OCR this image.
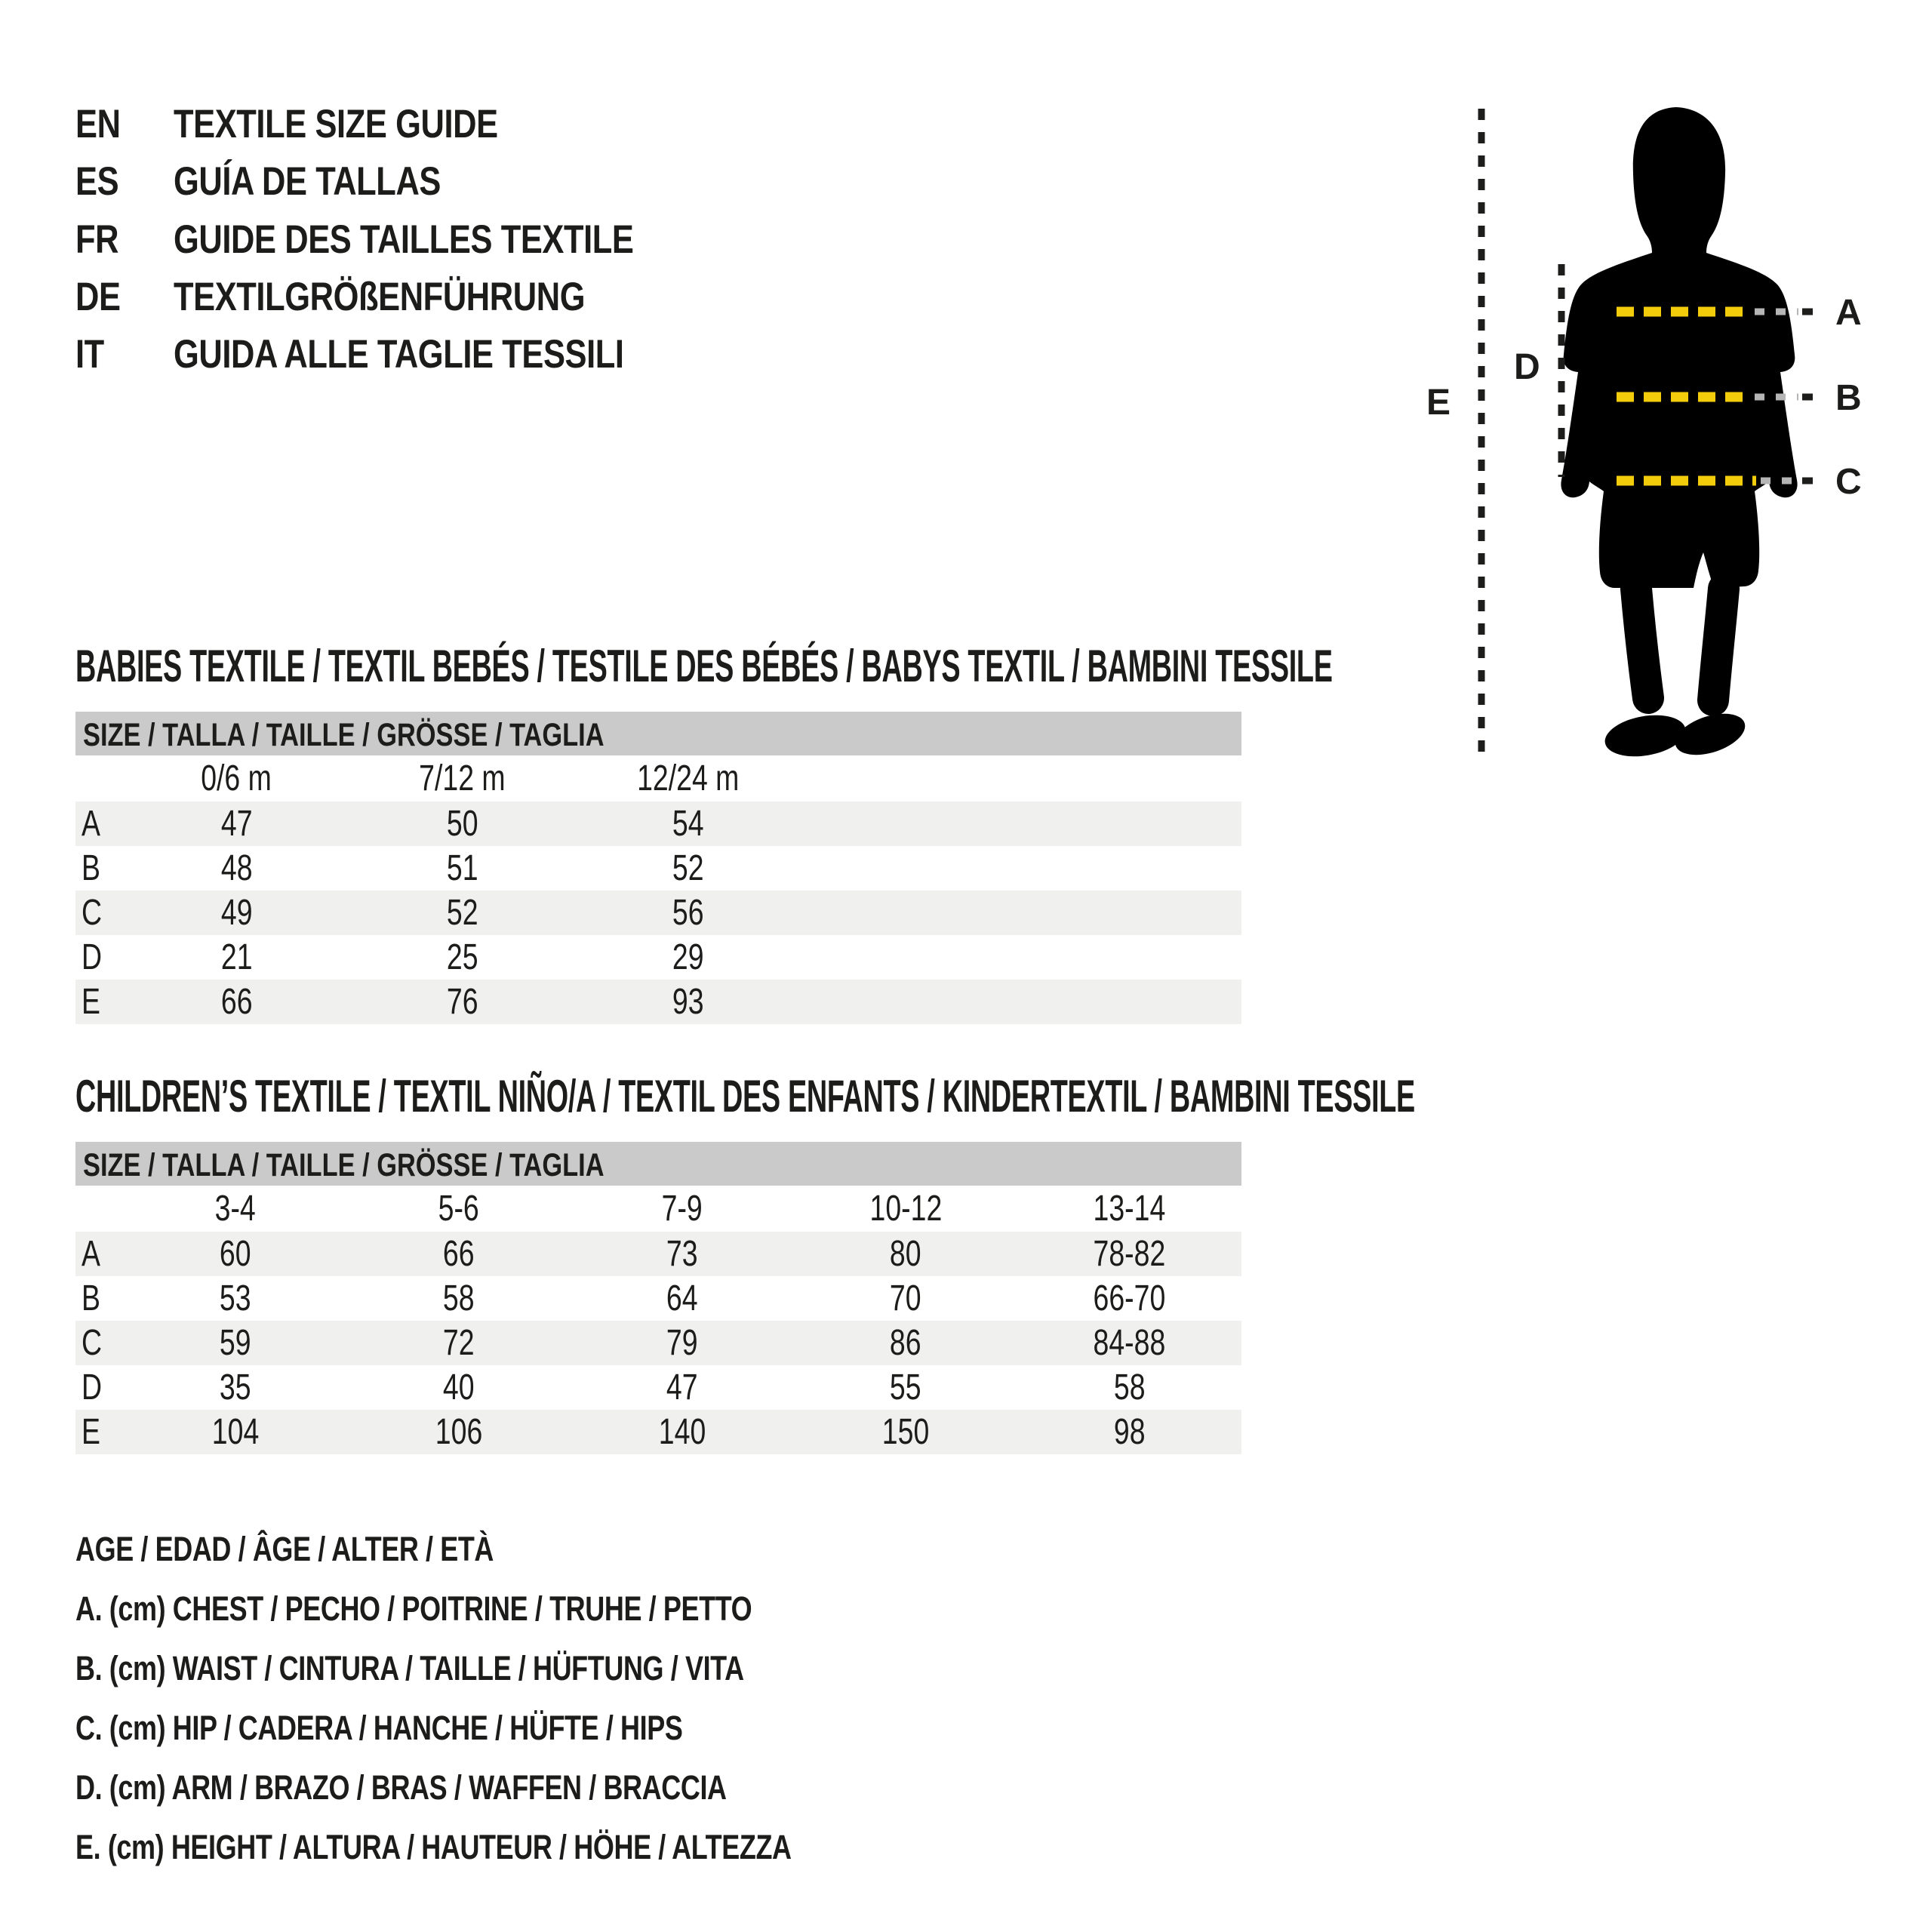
EN	TEXTILE SIZE GUIDE
ES	GUÍA DE TALLAS
FR	GUIDE DES TAILLES TEXTILE
DE	TEXTILGRÖßENFÜHRUNG
IT	GUIDA ALLE TAGLIE TESSILI
A
B
C
D
E
BABIES TEXTILE / TEXTIL BEBÉS / TESTILE DES BÉBÉS / BABYS TEXTIL / BAMBINI TESSILE
SIZE / TALLA / TAILLE / GRÖSSE / TAGLIA				
	0/6 m	7/12 m	12/24 m	
A	47	50	54	
B	48	51	52	
C	49	52	56	
D	21	25	29	
E	66	76	93	
CHILDREN’S TEXTILE / TEXTIL NIÑO/A / TEXTIL DES ENFANTS / KINDERTEXTIL / BAMBINI TESSILE
SIZE / TALLA / TAILLE / GRÖSSE / TAGLIA					
	3-4	5-6	7-9	10-12	13-14
A	60	66	73	80	78-82
B	53	58	64	70	66-70
C	59	72	79	86	84-88
D	35	40	47	55	58
E	104	106	140	150	98
AGE / EDAD / ÂGE / ALTER / ETÀ
A. (cm) CHEST / PECHO / POITRINE / TRUHE / PETTO
B. (cm) WAIST / CINTURA / TAILLE / HÜFTUNG / VITA
C. (cm) HIP / CADERA / HANCHE / HÜFTE / HIPS
D. (cm) ARM / BRAZO / BRAS / WAFFEN / BRACCIA
E. (cm) HEIGHT / ALTURA / HAUTEUR / HÖHE / ALTEZZA
